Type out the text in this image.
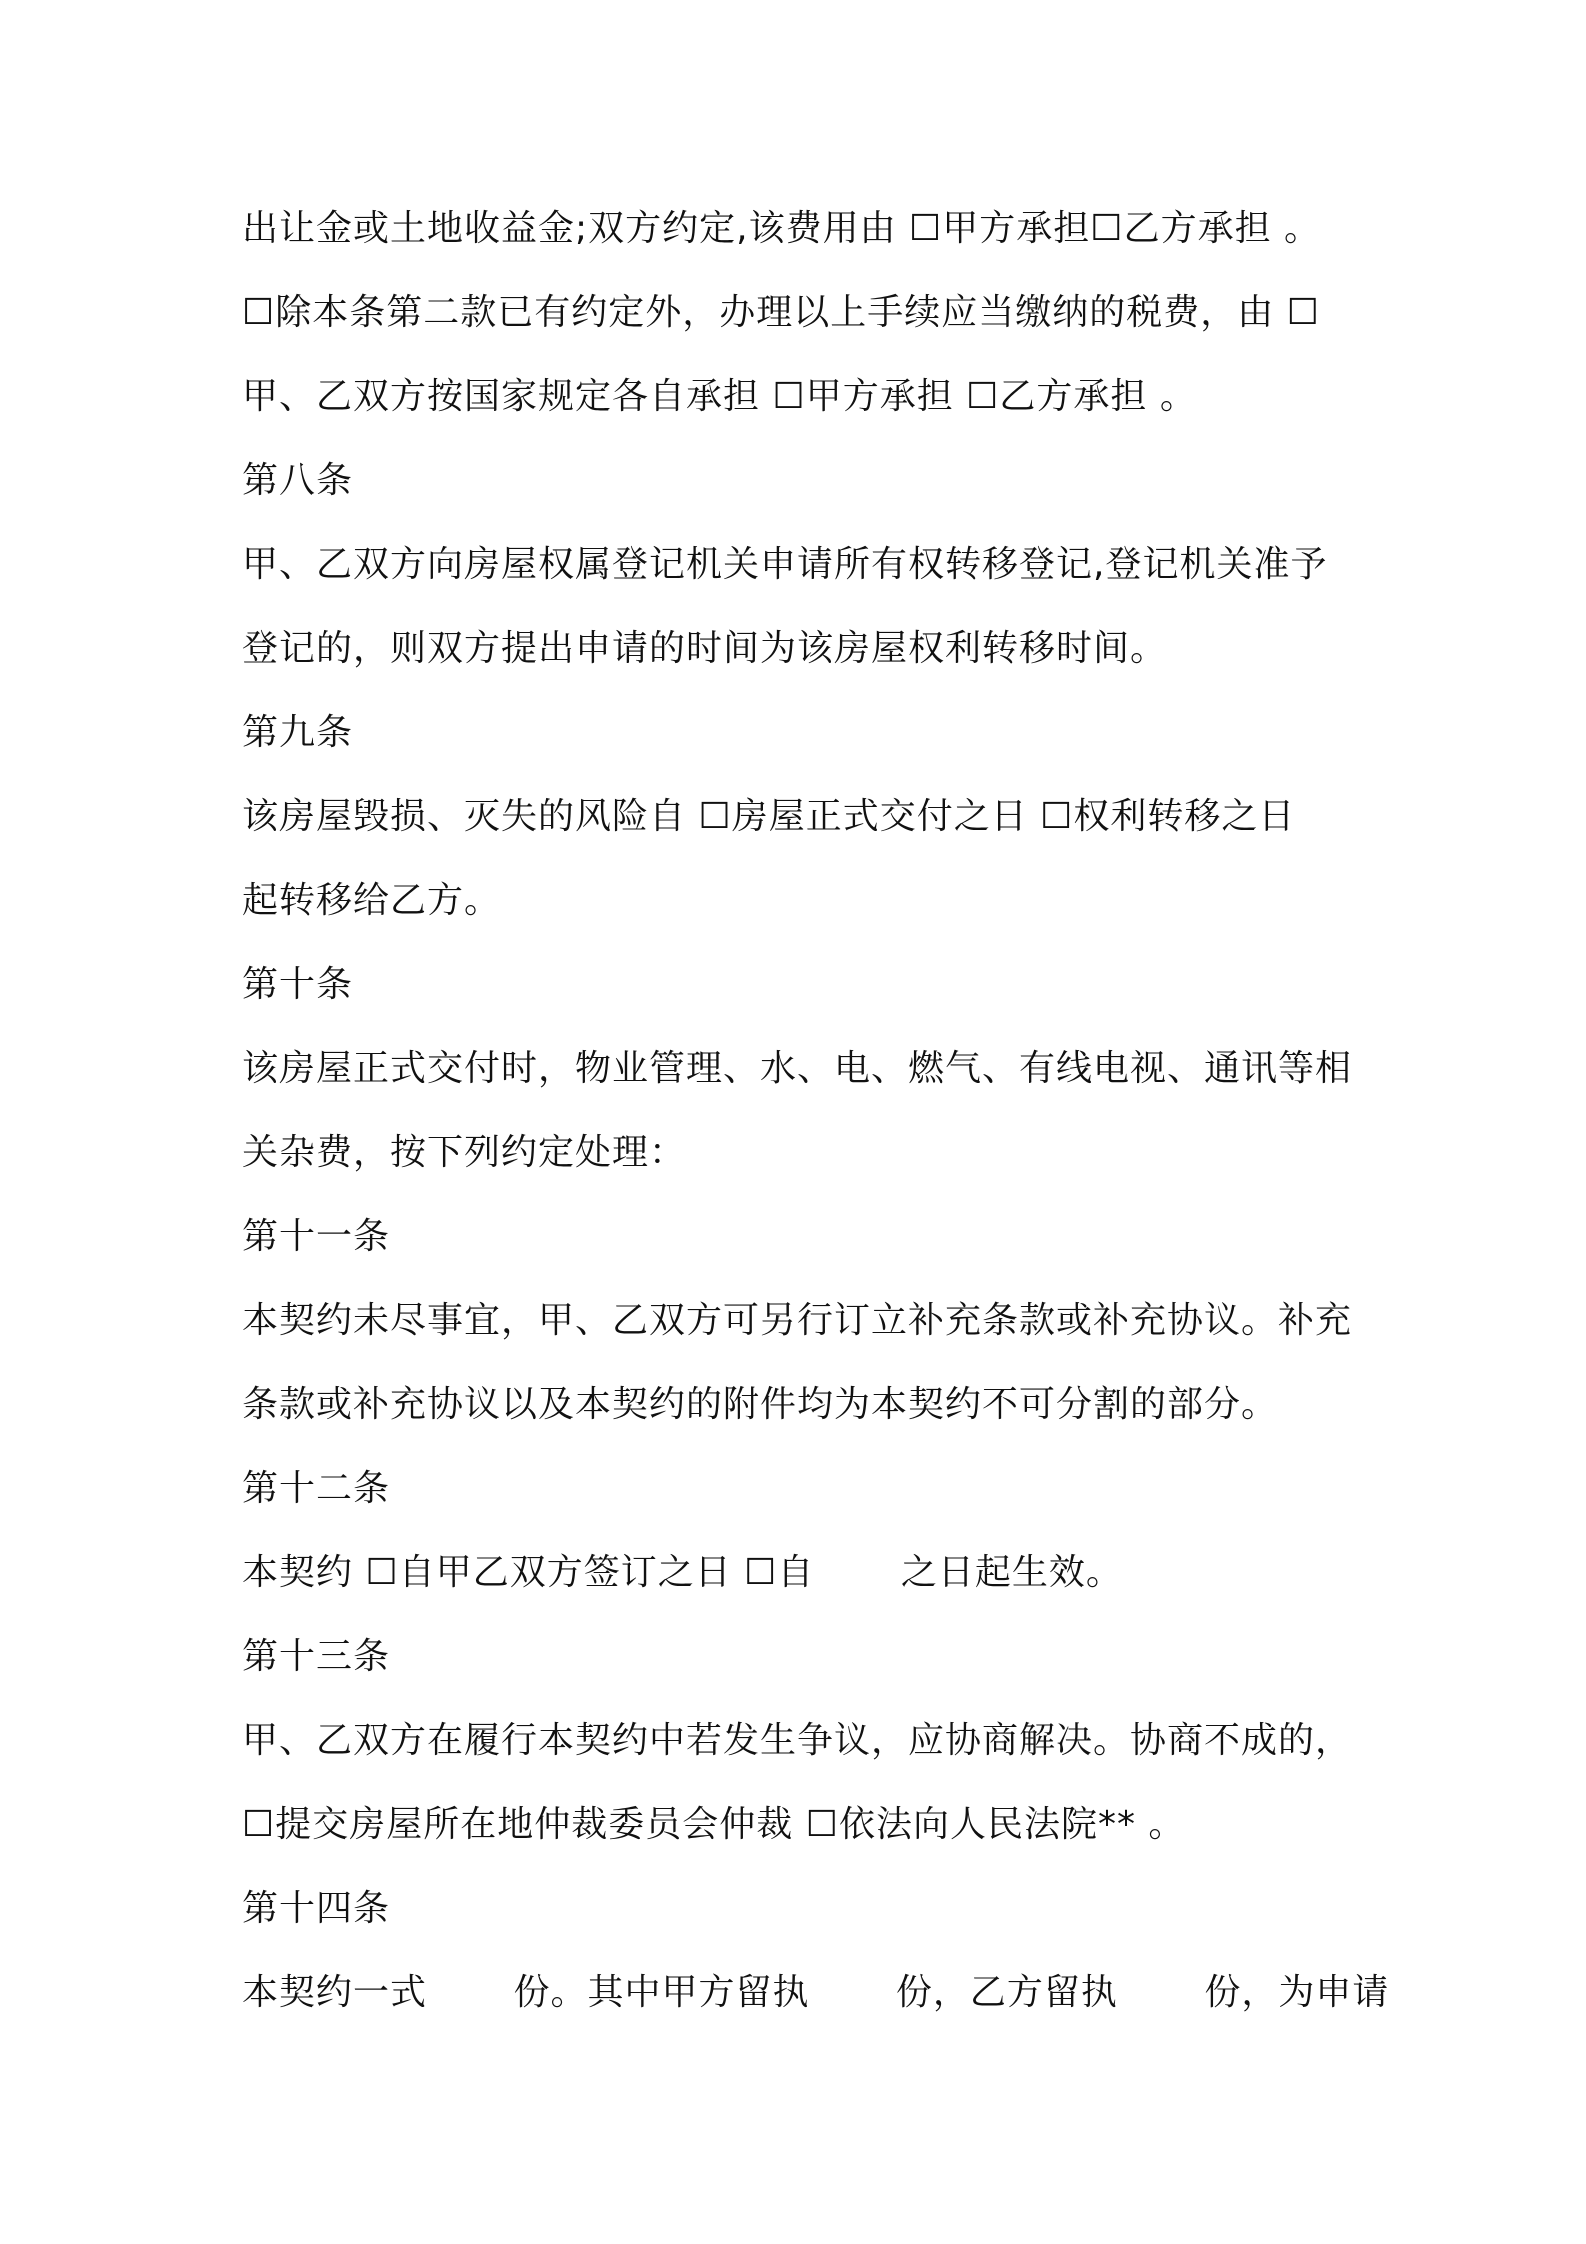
出让金或土地收益金;双方约定,该费用由 ☐甲方承担☐乙方承担 。
☐除本条第二款已有约定外，办理以上手续应当缴纳的税费，由 ☐
甲、乙双方按国家规定各自承担 ☐甲方承担 ☐乙方承担 。
第八条
甲、乙双方向房屋权属登记机关申请所有权转移登记,登记机关准予
登记的，则双方提出申请的时间为该房屋权利转移时间。
第九条
该房屋毁损、灭失的风险自 ☐房屋正式交付之日 ☐权利转移之日
起转移给乙方。
第十条
该房屋正式交付时，物业管理、水、电、燃气、有线电视、通讯等相
关杂费，按下列约定处理：
第十一条
本契约未尽事宜，甲、乙双方可另行订立补充条款或补充协议。补充
条款或补充协议以及本契约的附件均为本契约不可分割的部分。
第十二条
本契约 ☐自甲乙双方签订之日 ☐自　　 之日起生效。
第十三条
甲、乙双方在履行本契约中若发生争议，应协商解决。协商不成的，
☐提交房屋所在地仲裁委员会仲裁 ☐依法向人民法院** 。
第十四条
本契约一式　　 份。其中甲方留执　　 份，乙方留执　　 份，为申请
